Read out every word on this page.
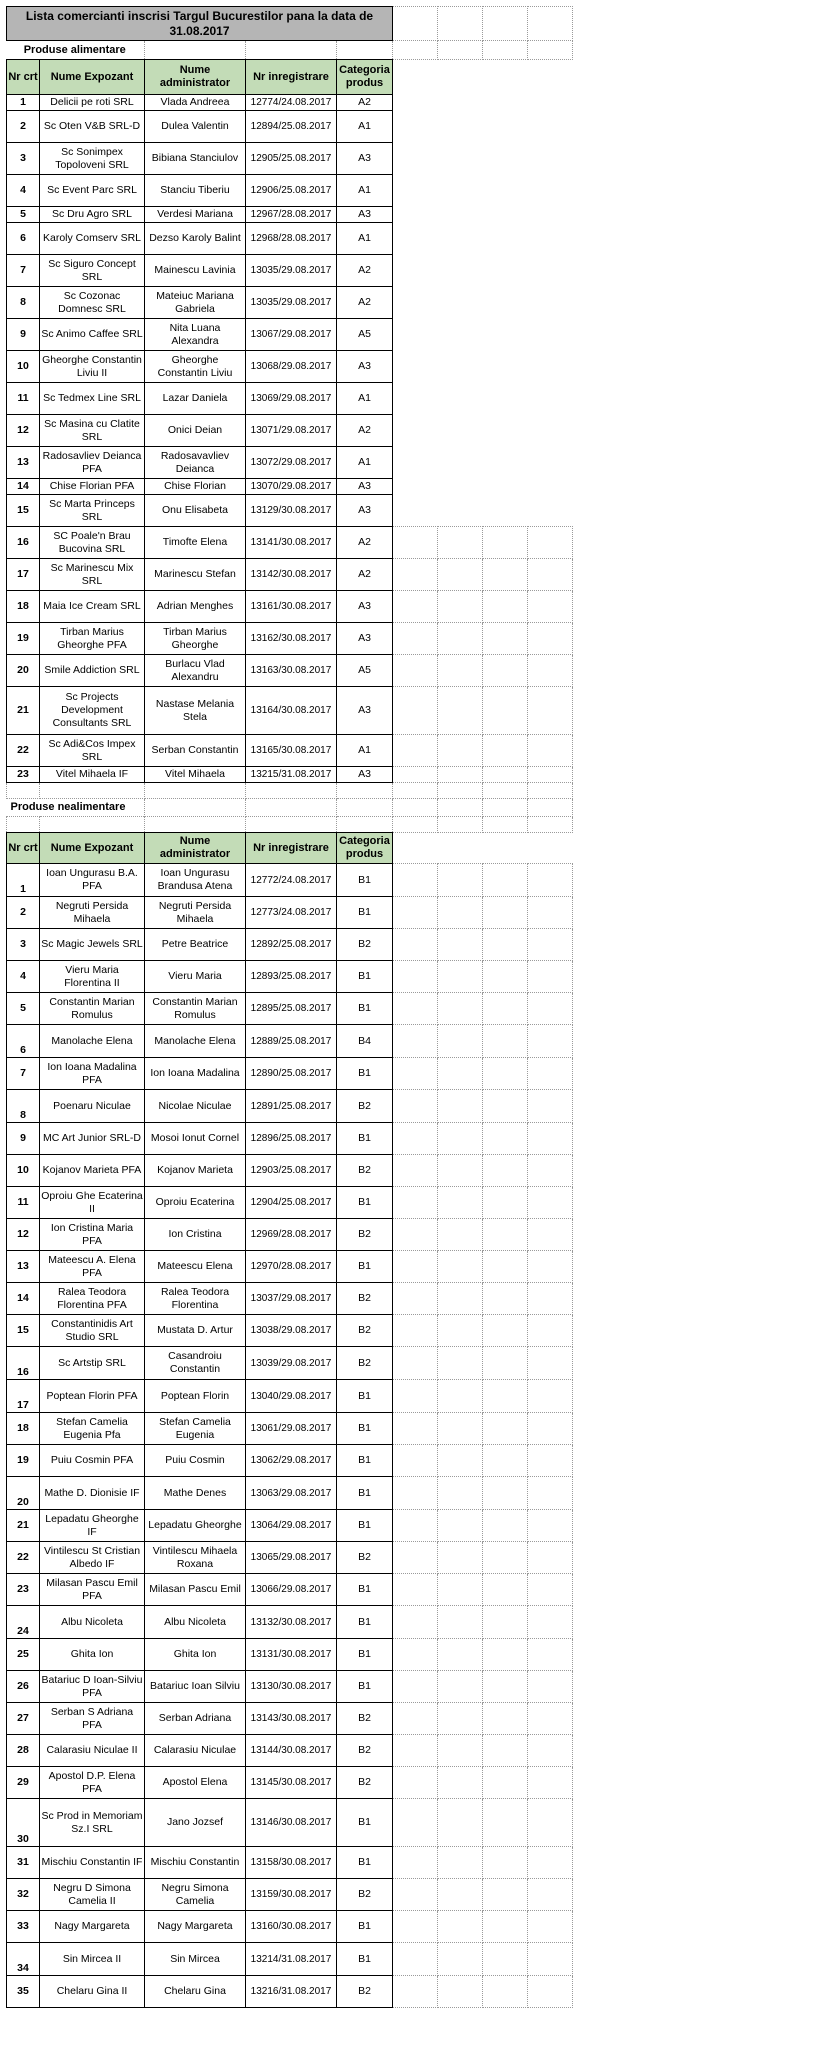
Lista comercianti inscrisi Targul Bucurestilor pana la data de 31.08.2017								
Produse alimentare								
Nr crt	Nume Expozant	Nume administrator	Nr inregistrare	Categoria produs				
1	Delicii pe roti SRL	Vlada Andreea	12774/24.08.2017	A2				
2	Sc Oten V&B SRL-D	Dulea Valentin	12894/25.08.2017	A1				
3	Sc Sonimpex Topoloveni SRL	Bibiana Stanciulov	12905/25.08.2017	A3				
4	Sc Event Parc SRL	Stanciu Tiberiu	12906/25.08.2017	A1				
5	Sc Dru Agro SRL	Verdesi Mariana	12967/28.08.2017	A3				
6	Karoly Comserv SRL	Dezso Karoly Balint	12968/28.08.2017	A1				
7	Sc Siguro Concept SRL	Mainescu Lavinia	13035/29.08.2017	A2				
8	Sc Cozonac Domnesc SRL	Mateiuc Mariana Gabriela	13035/29.08.2017	A2				
9	Sc Animo Caffee SRL	Nita Luana Alexandra	13067/29.08.2017	A5				
10	Gheorghe Constantin Liviu II	Gheorghe Constantin Liviu	13068/29.08.2017	A3				
11	Sc Tedmex Line SRL	Lazar Daniela	13069/29.08.2017	A1				
12	Sc Masina cu Clatite SRL	Onici Deian	13071/29.08.2017	A2				
13	Radosavliev Deianca PFA	Radosavavliev Deianca	13072/29.08.2017	A1				
14	Chise Florian PFA	Chise Florian	13070/29.08.2017	A3				
15	Sc Marta Princeps SRL	Onu Elisabeta	13129/30.08.2017	A3				
16	SC Poale'n Brau Bucovina SRL	Timofte Elena	13141/30.08.2017	A2				
17	Sc Marinescu Mix SRL	Marinescu Stefan	13142/30.08.2017	A2				
18	Maia Ice Cream SRL	Adrian Menghes	13161/30.08.2017	A3				
19	Tirban Marius Gheorghe PFA	Tirban Marius Gheorghe	13162/30.08.2017	A3				
20	Smile Addiction SRL	Burlacu Vlad Alexandru	13163/30.08.2017	A5				
21	Sc Projects Development Consultants SRL	Nastase Melania Stela	13164/30.08.2017	A3				
22	Sc Adi&Cos Impex SRL	Serban Constantin	13165/30.08.2017	A1				
23	Vitel Mihaela IF	Vitel Mihaela	13215/31.08.2017	A3				

Produse nealimentare								

Nr crt	Nume Expozant	Nume administrator	Nr inregistrare	Categoria produs				
1	Ioan Ungurasu B.A. PFA	Ioan Ungurasu Brandusa Atena	12772/24.08.2017	B1				
2	Negruti Persida Mihaela	Negruti Persida Mihaela	12773/24.08.2017	B1				
3	Sc Magic Jewels SRL	Petre Beatrice	12892/25.08.2017	B2				
4	Vieru Maria Florentina II	Vieru Maria	12893/25.08.2017	B1				
5	Constantin Marian Romulus	Constantin Marian Romulus	12895/25.08.2017	B1				
6	Manolache Elena	Manolache Elena	12889/25.08.2017	B4				
7	Ion Ioana Madalina PFA	Ion Ioana Madalina	12890/25.08.2017	B1				
8	Poenaru Niculae	Nicolae Niculae	12891/25.08.2017	B2				
9	MC Art Junior SRL-D	Mosoi Ionut Cornel	12896/25.08.2017	B1				
10	Kojanov Marieta PFA	Kojanov Marieta	12903/25.08.2017	B2				
11	Oproiu Ghe Ecaterina II	Oproiu Ecaterina	12904/25.08.2017	B1				
12	Ion Cristina Maria PFA	Ion Cristina	12969/28.08.2017	B2				
13	Mateescu A. Elena PFA	Mateescu Elena	12970/28.08.2017	B1				
14	Ralea Teodora Florentina PFA	Ralea Teodora Florentina	13037/29.08.2017	B2				
15	Constantinidis Art Studio SRL	Mustata D. Artur	13038/29.08.2017	B2				
16	Sc Artstip SRL	Casandroiu Constantin	13039/29.08.2017	B2				
17	Poptean Florin PFA	Poptean Florin	13040/29.08.2017	B1				
18	Stefan Camelia Eugenia Pfa	Stefan Camelia Eugenia	13061/29.08.2017	B1				
19	Puiu Cosmin PFA	Puiu Cosmin	13062/29.08.2017	B1				
20	Mathe D. Dionisie IF	Mathe Denes	13063/29.08.2017	B1				
21	Lepadatu Gheorghe IF	Lepadatu Gheorghe	13064/29.08.2017	B1				
22	Vintilescu St Cristian Albedo IF	Vintilescu Mihaela Roxana	13065/29.08.2017	B2				
23	Milasan Pascu Emil PFA	Milasan Pascu Emil	13066/29.08.2017	B1				
24	Albu Nicoleta	Albu Nicoleta	13132/30.08.2017	B1				
25	Ghita Ion	Ghita Ion	13131/30.08.2017	B1				
26	Batariuc D Ioan-Silviu PFA	Batariuc Ioan Silviu	13130/30.08.2017	B1				
27	Serban S Adriana PFA	Serban Adriana	13143/30.08.2017	B2				
28	Calarasiu Niculae II	Calarasiu Niculae	13144/30.08.2017	B2				
29	Apostol D.P. Elena PFA	Apostol Elena	13145/30.08.2017	B2				
30	Sc Prod in Memoriam Sz.I SRL	Jano Jozsef	13146/30.08.2017	B1				
31	Mischiu Constantin IF	Mischiu Constantin	13158/30.08.2017	B1				
32	Negru D Simona Camelia II	Negru Simona Camelia	13159/30.08.2017	B2				
33	Nagy Margareta	Nagy Margareta	13160/30.08.2017	B1				
34	Sin Mircea II	Sin Mircea	13214/31.08.2017	B1				
35	Chelaru Gina II	Chelaru Gina	13216/31.08.2017	B2				
